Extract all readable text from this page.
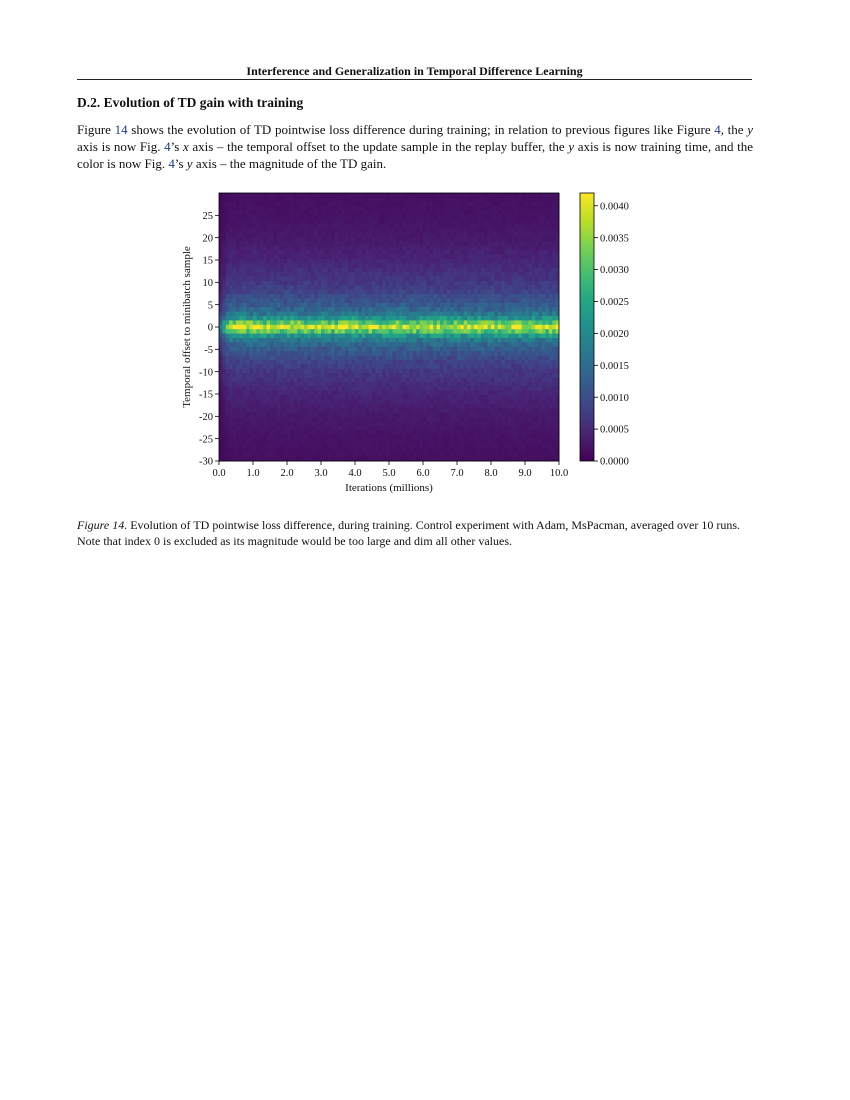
Interference and Generalization in Temporal Difference Learning
D.2. Evolution of TD gain with training
Figure 14 shows the evolution of TD pointwise loss difference during training; in relation to previous figures like Figure 4, the y axis is now Fig. 4’s x axis – the temporal offset to the update sample in the replay buffer, the y axis is now training time, and the color is now Fig. 4’s y axis – the magnitude of the TD gain.
0.0 1.0 2.0 3.0 4.0 5.0 6.0 7.0 8.0 9.0 10.0
25
20
15
10
5
0
-5
-10
-15
-20
-25
-30
Iterations (millions)
Temporal offset to minibatch sample
0.0040
0.0035
0.0030
0.0025
0.0020
0.0015
0.0010
0.0005
0.0000
Figure 14. Evolution of TD pointwise loss difference, during training. Control experiment with Adam, MsPacman, averaged over 10 runs. Note that index 0 is excluded as its magnitude would be too large and dim all other values.
